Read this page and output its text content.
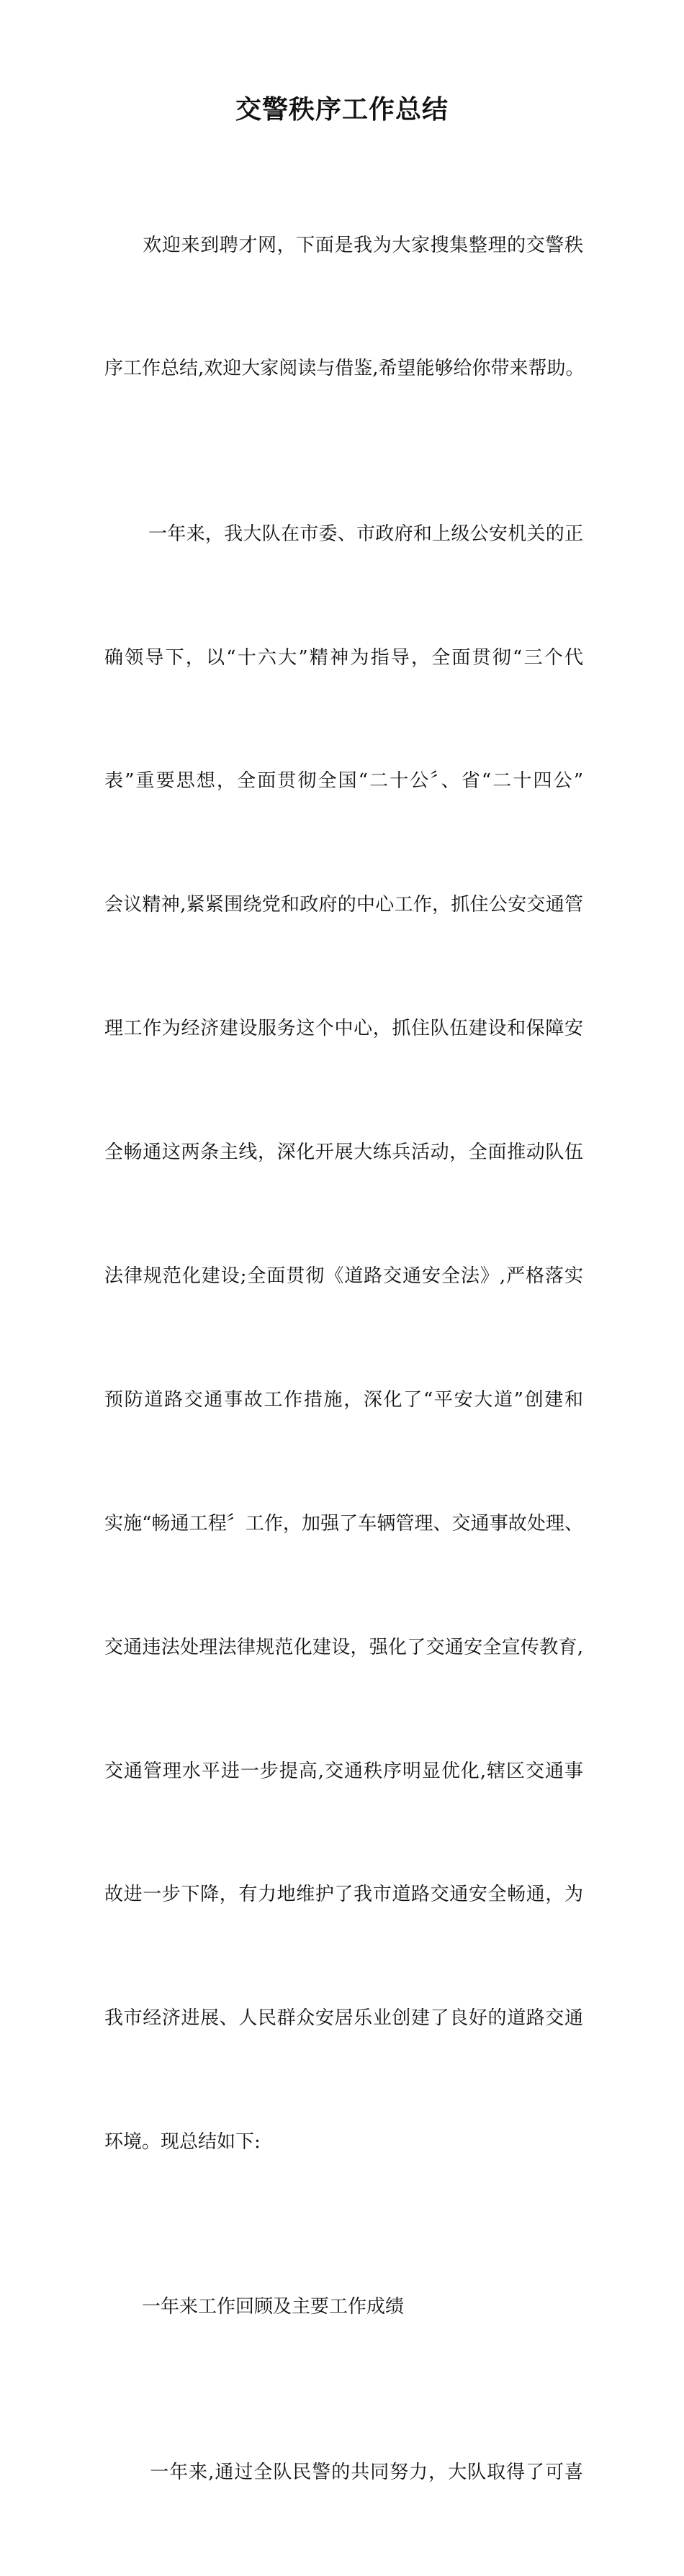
交警秩序工作总结

　　欢迎来到聘才网，下面是我为大家搜集整理的交警秩

序工作总结,欢迎大家阅读与借鉴,希望能够给你带来帮助。

　　 一年来，我大队在市委、市政府和上级公安机关的正

确领导下，以“十六大”精神为指导，全面贯彻“三个代

表”重要思想，全面贯彻全国“二十公〞、省“二十四公”

会议精神,紧紧围绕党和政府的中心工作，抓住公安交通管

理工作为经济建设服务这个中心，抓住队伍建设和保障安

全畅通这两条主线，深化开展大练兵活动，全面推动队伍

法律规范化建设;全面贯彻《道路交通安全法》,严格落实

预防道路交通事故工作措施，深化了“平安大道”创建和

实施“畅通工程〞工作，加强了车辆管理、交通事故处理、

交通违法处理法律规范化建设，强化了交通安全宣传教育,

交通管理水平进一步提高,交通秩序明显优化,辖区交通事

故进一步下降，有力地维护了我市道路交通安全畅通，为

我市经济进展、人民群众安居乐业创建了良好的道路交通

环境。现总结如下:

　　一年来工作回顾及主要工作成绩

　　 一年来,通过全队民警的共同努力，大队取得了可喜
